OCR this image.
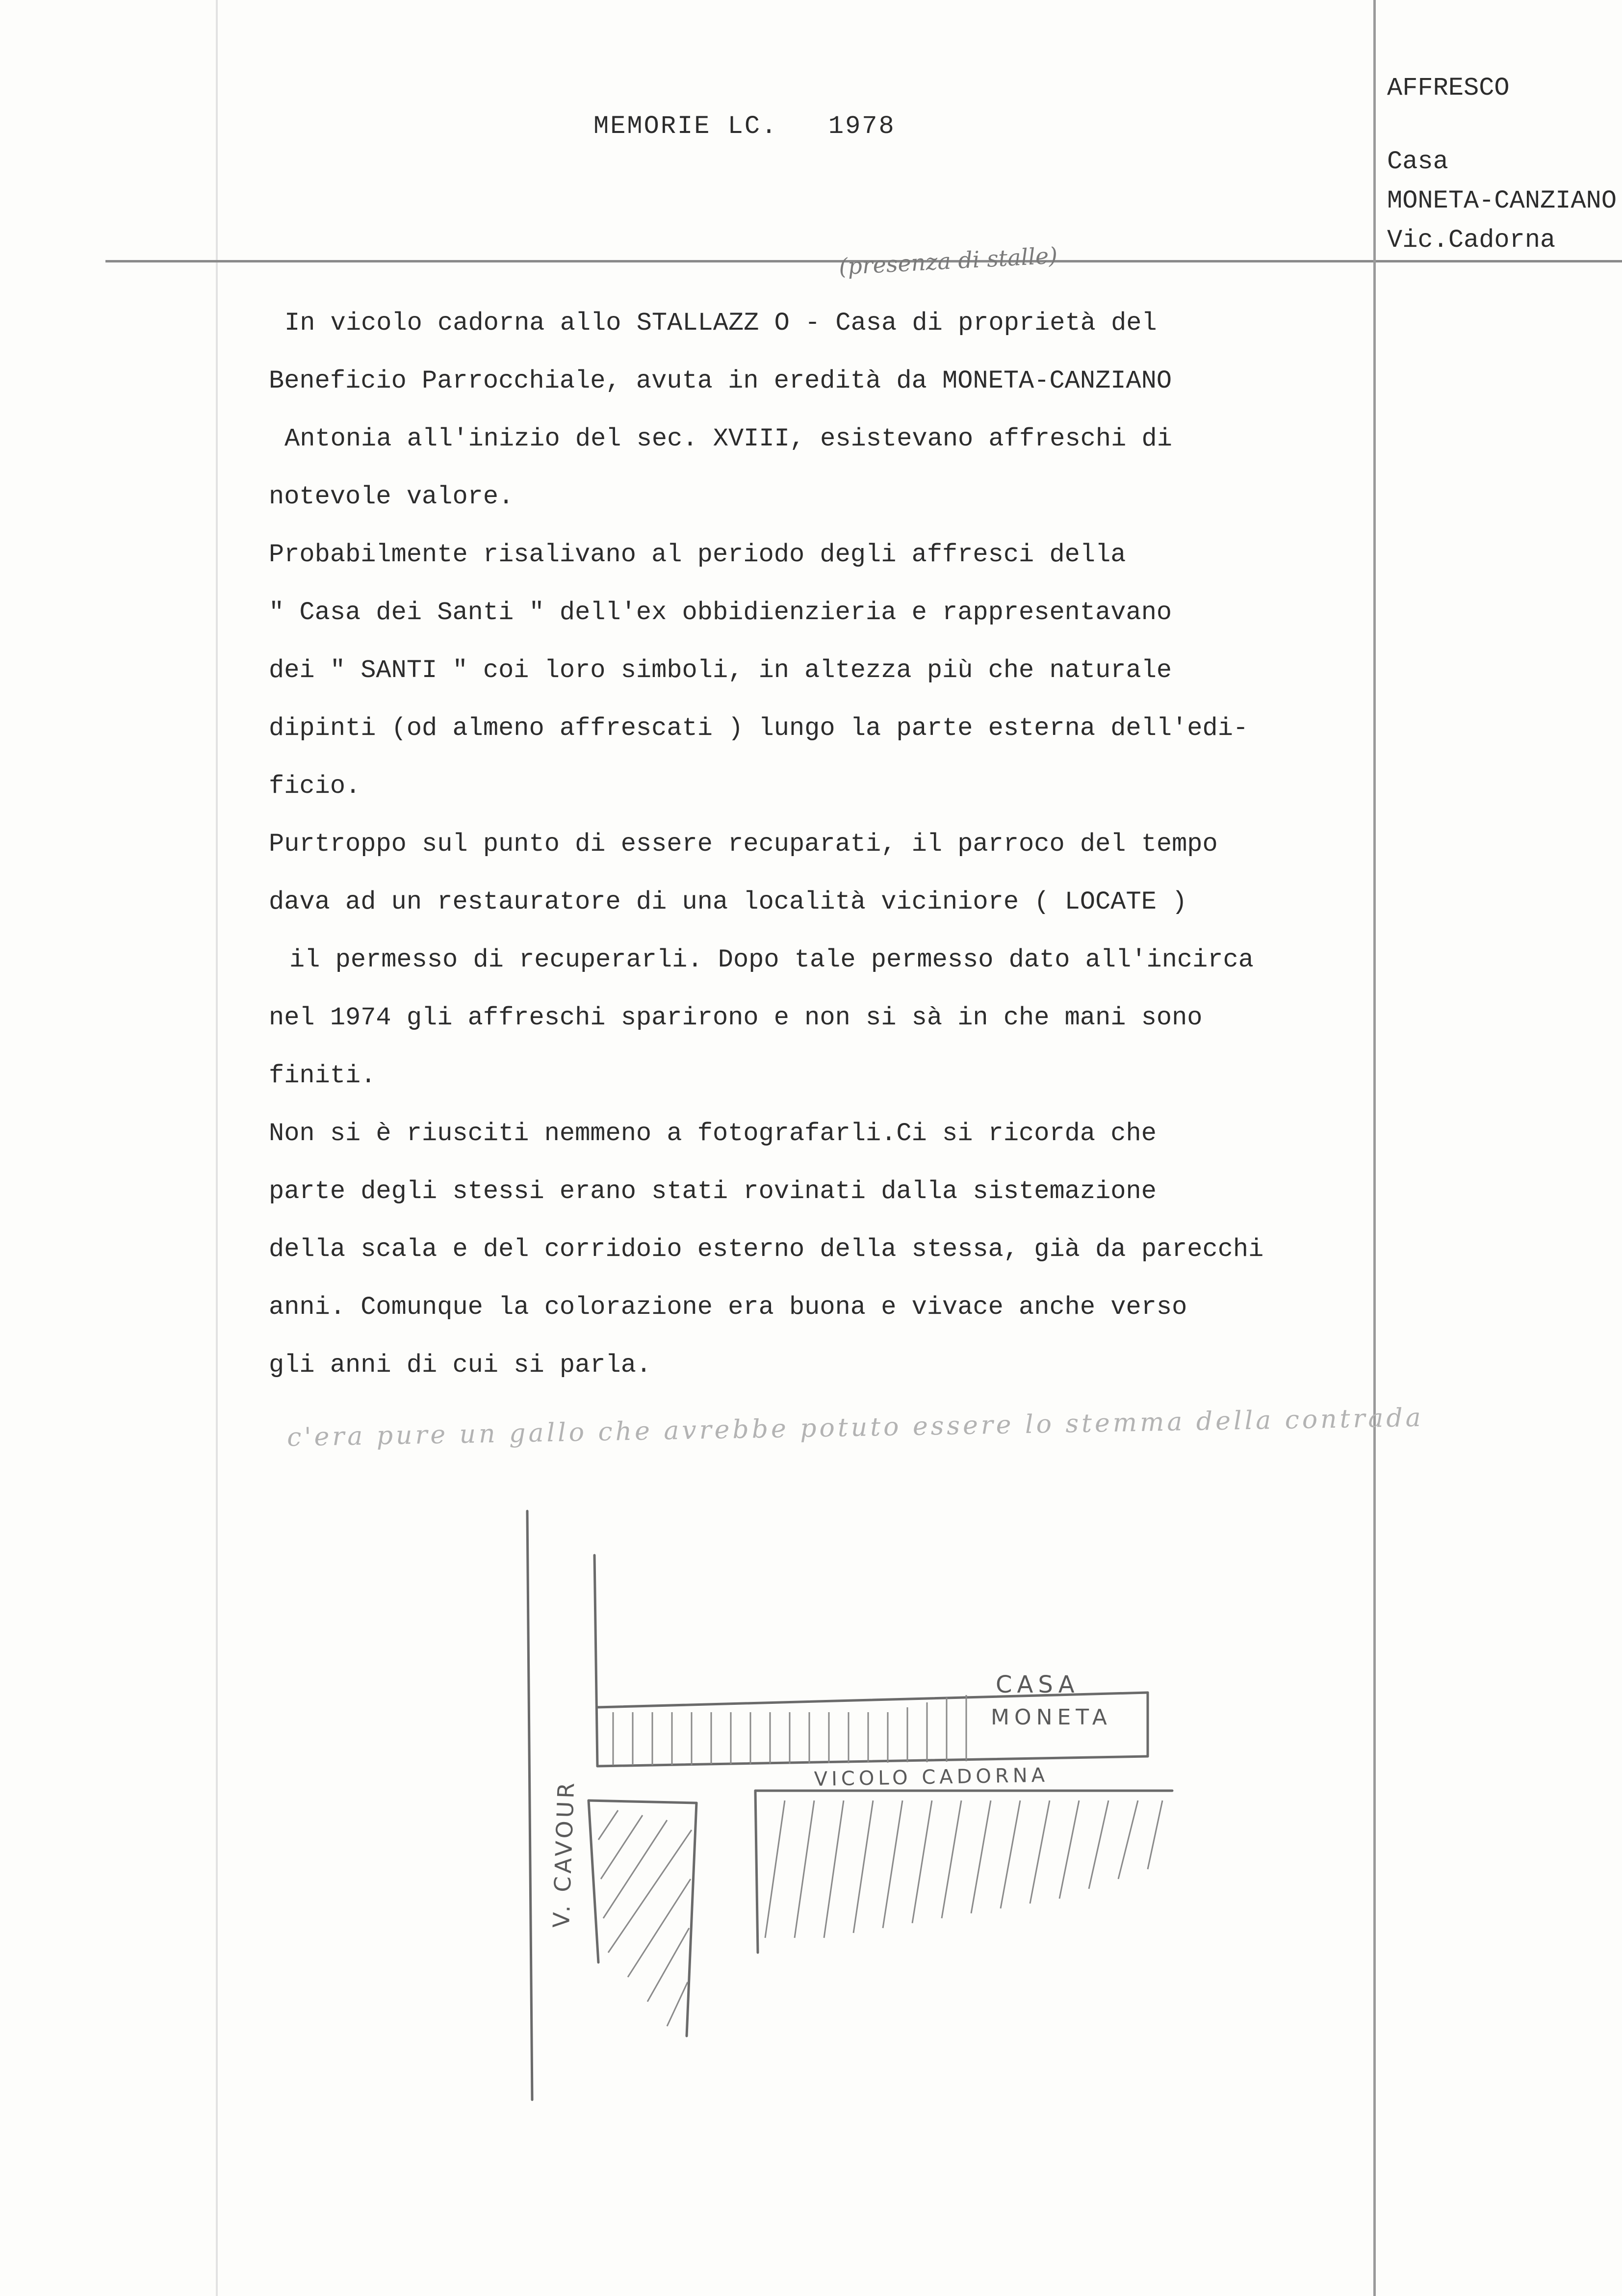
MEMORIE LC. 1978
AFFRESCO
Casa
MONETA-CANZIANO
Vic.Cadorna
(presenza di stalle)
In vicolo cadorna allo STALLAZZ O - Casa di proprietà del
Beneficio Parrocchiale, avuta in eredità da MONETA-CANZIANO
Antonia all'inizio del sec. XVIII, esistevano affreschi di
notevole valore.
Probabilmente risalivano al periodo degli affresci della
" Casa dei Santi " dell'ex obbidienzieria e rappresentavano
dei " SANTI " coi loro simboli, in altezza più che naturale
dipinti (od almeno affrescati ) lungo la parte esterna dell'edi-
ficio.
Purtroppo sul punto di essere recuparati, il parroco del tempo
dava ad un restauratore di una località viciniore ( LOCATE )
il permesso di recuperarli. Dopo tale permesso dato all'incirca
nel 1974 gli affreschi sparirono e non si sà in che mani sono
finiti.
Non si è riusciti nemmeno a fotografarli.Ci si ricorda che
parte degli stessi erano stati rovinati dalla sistemazione
della scala e del corridoio esterno della stessa, già da parecchi
anni. Comunque la colorazione era buona e vivace anche verso
gli anni di cui si parla.
c'era pure un gallo che avrebbe potuto essere lo stemma della contrada
V. CAVOUR
VICOLO CADORNA
CASA
MONETA
